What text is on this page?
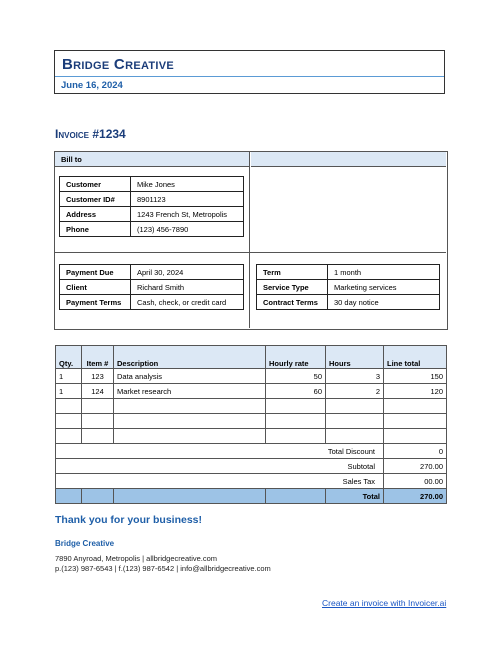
Bridge Creative
June 16, 2024
Invoice #1234
Bill to
Customer	Mike Jones
Customer ID#	8901123
Address	1243 French St, Metropolis
Phone	(123) 456-7890
Payment Due	April 30, 2024
Client	Richard Smith
Payment Terms	Cash, check, or credit card
Term	1 month
Service Type	Marketing services
Contract Terms	30 day notice
Qty.	Item #	Description	Hourly rate	Hours	Line total
1	123	Data analysis	50	3	150
1	124	Market research	60	2	120

Total Discount					0
Subtotal					270.00
Sales Tax					00.00
				Total	270.00
Thank you for your business!
Bridge Creative
7890 Anyroad, Metropolis | allbridgecreative.com
p.(123) 987-6543 | f.(123) 987-6542 | info@allbridgecreative.com
Create an invoice with Invoicer.ai
